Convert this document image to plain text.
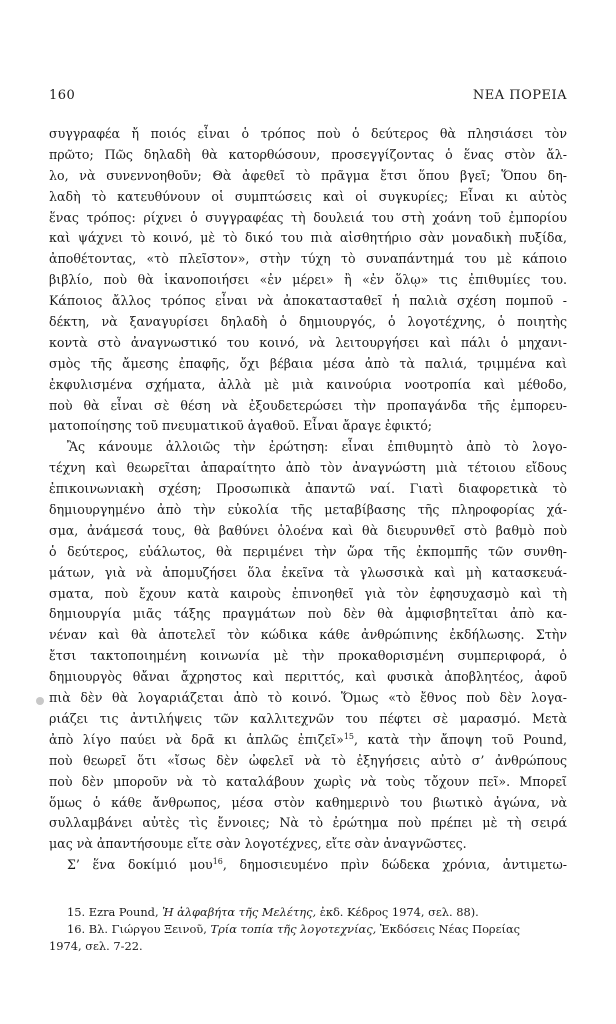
160	ΝΕΑ ΠΟΡΕΙΑ
συγγραφέα ἤ ποιός εἶναι ὁ τρόπος ποὺ ὁ δεύτερος θὰ πλησιάσει τὸν
πρῶτο; Πῶς δηλαδὴ θὰ κατορθώσουν, προσεγγίζοντας ὁ ἕνας στὸν ἄλ-
λο, νὰ συνεννοηθοῦν; Θὰ ἀφεθεῖ τὸ πρᾶγμα ἔτσι ὅπου βγεῖ; Ὅπου δη-
λαδὴ τὸ κατευθύνουν οἱ συμπτώσεις καὶ οἱ συγκυρίες; Εἶναι κι αὐτὸς
ἕνας τρόπος: ρίχνει ὁ συγγραφέας τὴ δουλειά του στὴ χοάνη τοῦ ἐμπορίου
καὶ ψάχνει τὸ κοινό, μὲ τὸ δικό του πιὰ αἰσθητήριο σὰν μοναδικὴ πυξίδα,
ἀποθέτοντας, «τὸ πλεῖστον», στὴν τύχη τὸ συναπάντημά του μὲ κάποιο
βιβλίο, ποὺ θὰ ἱκανοποιήσει «ἐν μέρει» ἢ «ἐν ὅλῳ» τις ἐπιθυμίες του.
Κάποιος ἄλλος τρόπος εἶναι νὰ ἀποκατασταθεῖ ἡ παλιὰ σχέση πομποῦ -
δέκτη, νὰ ξαναγυρίσει δηλαδὴ ὁ δημιουργός, ὁ λογοτέχνης, ὁ ποιητὴς
κοντὰ στὸ ἀναγνωστικό του κοινό, νὰ λειτουργήσει καὶ πάλι ὁ μηχανι-
σμὸς τῆς ἄμεσης ἐπαφῆς, ὄχι βέβαια μέσα ἀπὸ τὰ παλιά, τριμμένα καὶ
ἐκφυλισμένα σχήματα, ἀλλὰ μὲ μιὰ καινούρια νοοτροπία καὶ μέθοδο,
ποὺ θὰ εἶναι σὲ θέση νὰ ἐξουδετερώσει τὴν προπαγάνδα τῆς ἐμπορευ-
ματοποίησης τοῦ πνευματικοῦ ἀγαθοῦ. Εἶναι ἄραγε ἐφικτό;
Ἂς κάνουμε ἀλλοιῶς τὴν ἐρώτηση: εἶναι ἐπιθυμητὸ ἀπὸ τὸ λογο-
τέχνη καὶ θεωρεῖται ἀπαραίτητο ἀπὸ τὸν ἀναγνώστη μιὰ τέτοιου εἴδους
ἐπικοινωνιακὴ σχέση; Προσωπικὰ ἀπαντῶ ναί. Γιατὶ διαφορετικὰ τὸ
δημιουργημένο ἀπὸ τὴν εὐκολία τῆς μεταβίβασης τῆς πληροφορίας χά-
σμα, ἀνάμεσά τους, θὰ βαθύνει ὁλοένα καὶ θὰ διευρυνθεῖ στὸ βαθμὸ ποὺ
ὁ δεύτερος, εὐάλωτος, θὰ περιμένει τὴν ὥρα τῆς ἐκπομπῆς τῶν συνθη-
μάτων, γιὰ νὰ ἀπομυζήσει ὅλα ἐκεῖνα τὰ γλωσσικὰ καὶ μὴ κατασκευά-
σματα, ποὺ ἔχουν κατὰ καιροὺς ἐπινοηθεῖ γιὰ τὸν ἐφησυχασμὸ καὶ τὴ
δημιουργία μιᾶς τάξης πραγμάτων ποὺ δὲν θὰ ἀμφισβητεῖται ἀπὸ κα-
νέναν καὶ θὰ ἀποτελεῖ τὸν κώδικα κάθε ἀνθρώπινης ἐκδήλωσης. Στὴν
ἔτσι τακτοποιημένη κοινωνία μὲ τὴν προκαθορισμένη συμπεριφορά, ὁ
δημιουργὸς θἄναι ἄχρηστος καὶ περιττός, καὶ φυσικὰ ἀποβλητέος, ἀφοῦ
πιὰ δὲν θὰ λογαριάζεται ἀπὸ τὸ κοινό. Ὅμως «τὸ ἔθνος ποὺ δὲν λογα-
ριάζει τις ἀντιλήψεις τῶν καλλιτεχνῶν του πέφτει σὲ μαρασμό. Μετὰ
ἀπὸ λίγο παύει νὰ δρᾶ κι ἁπλῶς ἐπιζεῖ»$^{15}$, κατὰ τὴν ἄποψη τοῦ Pound,
ποὺ θεωρεῖ ὅτι «ἴσως δὲν ὠφελεῖ νὰ τὸ ἐξηγήσεις αὐτὸ σ’ ἀνθρώπους
ποὺ δὲν μποροῦν νὰ τὸ καταλάβουν χωρὶς νὰ τοὺς τὄχουν πεῖ». Μπορεῖ
ὅμως ὁ κάθε ἄνθρωπος, μέσα στὸν καθημερινὸ του βιωτικὸ ἀγώνα, νὰ
συλλαμβάνει αὐτὲς τὶς ἔννοιες; Νὰ τὸ ἐρώτημα ποὺ πρέπει μὲ τὴ σειρά
μας νὰ ἀπαντήσουμε εἴτε σὰν λογοτέχνες, εἴτε σὰν ἀναγνῶστες.
Σ’ ἕνα δοκίμιό μου$^{16}$, δημοσιευμένο πρὶν δώδεκα χρόνια, ἀντιμετω-
15. Ezra Pound, Ἡ ἀλφαβήτα τῆς Μελέτης, ἐκδ. Κέδρος 1974, σελ. 88).
16. Βλ. Γιώργου Ξεινοῦ, Τρία τοπία τῆς λογοτεχνίας, Ἐκδόσεις Νέας Πορείας
1974, σελ. 7-22.
